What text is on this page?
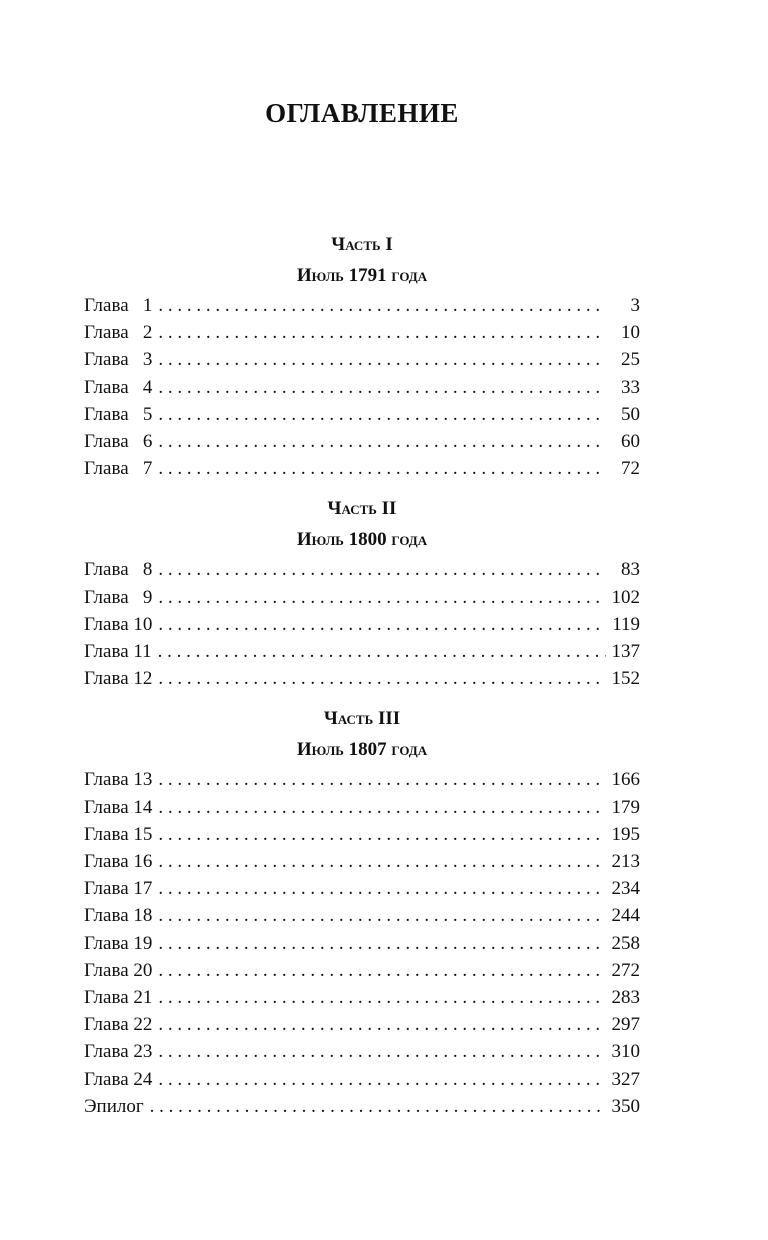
ОГЛАВЛЕНИЕ
Часть I
Июль 1791 года
Глава   1 . . .	3
Глава   2 . . .	10
Глава   3 . . .	25
Глава   4 . . .	33
Глава   5 . . .	50
Глава   6 . . .	60
Глава   7 . . .	72
Часть II
Июль 1800 года
Глава   8 . . .	83
Глава   9 . . .	102
Глава 10 . . .	119
Глава 11 . . .	137
Глава 12 . . .	152
Часть III
Июль 1807 года
Глава 13 . . .	166
Глава 14 . . .	179
Глава 15 . . .	195
Глава 16 . . .	213
Глава 17 . . .	234
Глава 18 . . .	244
Глава 19 . . .	258
Глава 20 . . .	272
Глава 21 . . .	283
Глава 22 . . .	297
Глава 23 . . .	310
Глава 24 . . .	327
Эпилог . . .	350
